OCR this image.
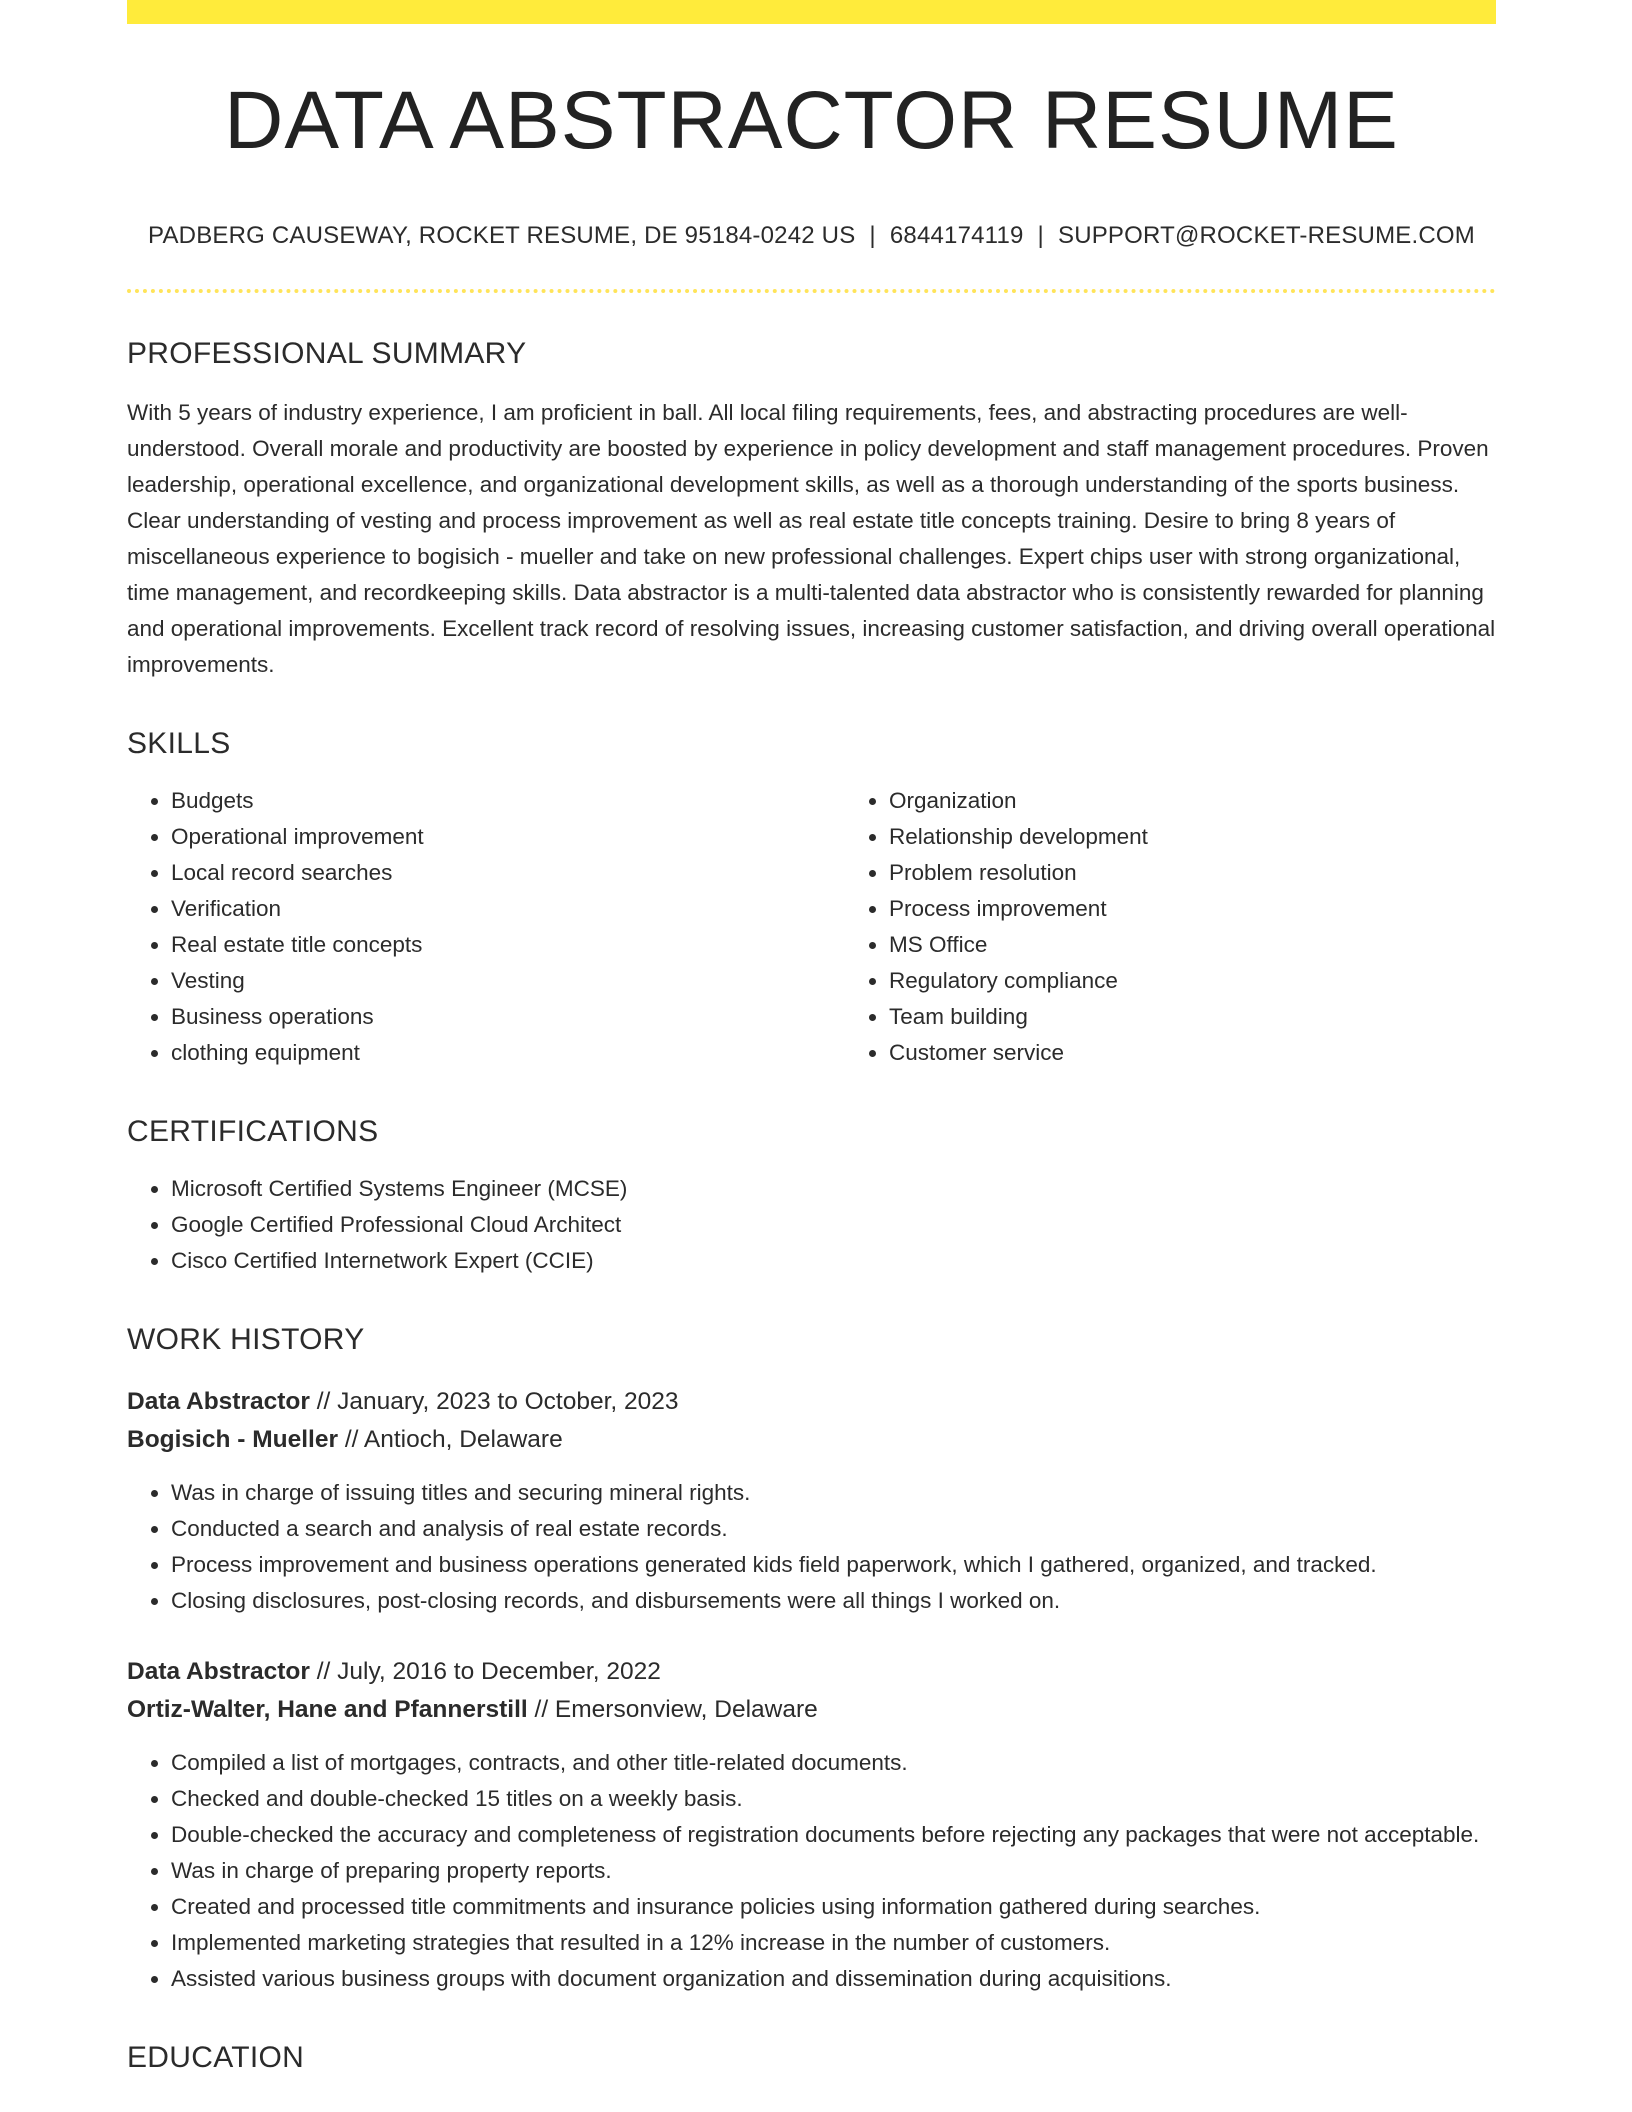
DATA ABSTRACTOR RESUME
PADBERG CAUSEWAY, ROCKET RESUME, DE 95184-0242 US | 6844174119 | SUPPORT@ROCKET-RESUME.COM
PROFESSIONAL SUMMARY
With 5 years of industry experience, I am proficient in ball. All local filing requirements, fees, and abstracting procedures are well-understood. Overall morale and productivity are boosted by experience in policy development and staff management procedures. Proven leadership, operational excellence, and organizational development skills, as well as a thorough understanding of the sports business. Clear understanding of vesting and process improvement as well as real estate title concepts training. Desire to bring 8 years of miscellaneous experience to bogisich - mueller and take on new professional challenges. Expert chips user with strong organizational, time management, and recordkeeping skills. Data abstractor is a multi-talented data abstractor who is consistently rewarded for planning and operational improvements. Excellent track record of resolving issues, increasing customer satisfaction, and driving overall operational improvements.
SKILLS
• Budgets
• Operational improvement
• Local record searches
• Verification
• Real estate title concepts
• Vesting
• Business operations
• clothing equipment
• Organization
• Relationship development
• Problem resolution
• Process improvement
• MS Office
• Regulatory compliance
• Team building
• Customer service
CERTIFICATIONS
• Microsoft Certified Systems Engineer (MCSE)
• Google Certified Professional Cloud Architect
• Cisco Certified Internetwork Expert (CCIE)
WORK HISTORY
Data Abstractor // January, 2023 to October, 2023
Bogisich - Mueller // Antioch, Delaware
• Was in charge of issuing titles and securing mineral rights.
• Conducted a search and analysis of real estate records.
• Process improvement and business operations generated kids field paperwork, which I gathered, organized, and tracked.
• Closing disclosures, post-closing records, and disbursements were all things I worked on.
Data Abstractor // July, 2016 to December, 2022
Ortiz-Walter, Hane and Pfannerstill // Emersonview, Delaware
• Compiled a list of mortgages, contracts, and other title-related documents.
• Checked and double-checked 15 titles on a weekly basis.
• Double-checked the accuracy and completeness of registration documents before rejecting any packages that were not acceptable.
• Was in charge of preparing property reports.
• Created and processed title commitments and insurance policies using information gathered during searches.
• Implemented marketing strategies that resulted in a 12% increase in the number of customers.
• Assisted various business groups with document organization and dissemination during acquisitions.
EDUCATION
